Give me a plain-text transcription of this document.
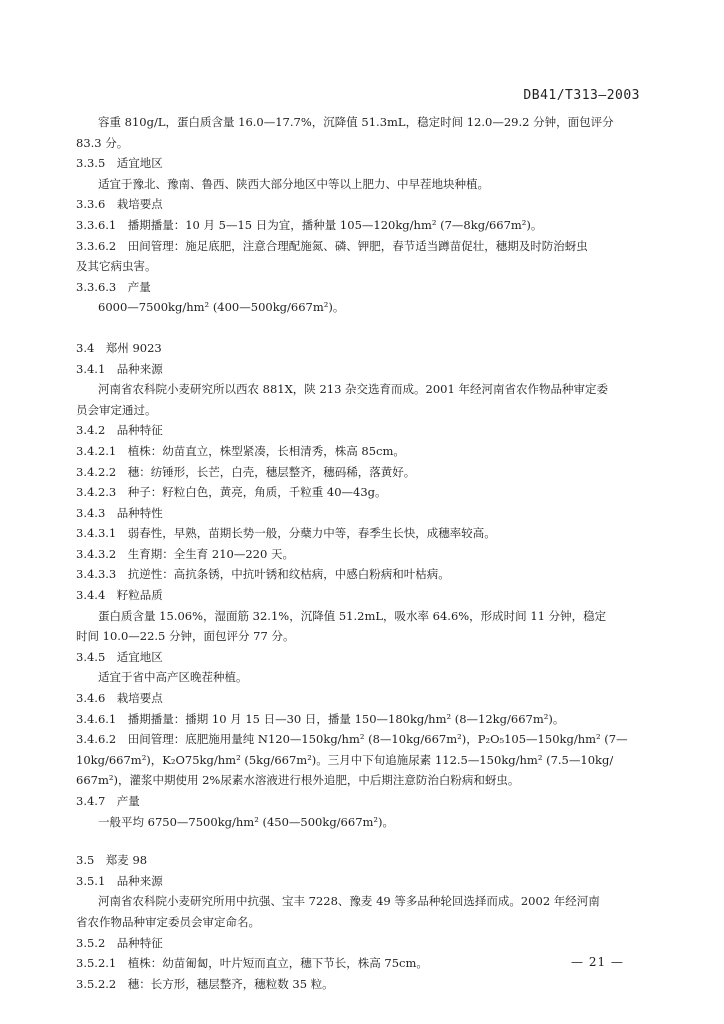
DB41/T313—2003
容重 810g/L，蛋白质含量 16.0—17.7%，沉降值 51.3mL，稳定时间 12.0—29.2 分钟，面包评分
83.3 分。
3.3.5　适宜地区
适宜于豫北、豫南、鲁西、陕西大部分地区中等以上肥力、中早茬地块种植。
3.3.6　栽培要点
3.3.6.1　播期播量：10 月 5—15 日为宜，播种量 105—120kg/hm² (7—8kg/667m²)。
3.3.6.2　田间管理：施足底肥，注意合理配施氮、磷、钾肥，春节适当蹲苗促壮，穗期及时防治蚜虫
及其它病虫害。
3.3.6.3　产量
6000—7500kg/hm² (400—500kg/667m²)。
3.4　郑州 9023
3.4.1　品种来源
河南省农科院小麦研究所以西农 881X，陕 213 杂交选育而成。2001 年经河南省农作物品种审定委
员会审定通过。
3.4.2　品种特征
3.4.2.1　植株：幼苗直立，株型紧凑，长相清秀，株高 85cm。
3.4.2.2　穗：纺锤形，长芒，白壳，穗层整齐，穗码稀，落黄好。
3.4.2.3　种子：籽粒白色，黄亮，角质，千粒重 40—43g。
3.4.3　品种特性
3.4.3.1　弱春性，早熟，苗期长势一般，分蘖力中等，春季生长快，成穗率较高。
3.4.3.2　生育期：全生育 210—220 天。
3.4.3.3　抗逆性：高抗条锈，中抗叶锈和纹枯病，中感白粉病和叶枯病。
3.4.4　籽粒品质
蛋白质含量 15.06%，湿面筋 32.1%，沉降值 51.2mL，吸水率 64.6%，形成时间 11 分钟，稳定
时间 10.0—22.5 分钟，面包评分 77 分。
3.4.5　适宜地区
适宜于省中高产区晚茬种植。
3.4.6　栽培要点
3.4.6.1　播期播量：播期 10 月 15 日—30 日，播量 150—180kg/hm² (8—12kg/667m²)。
3.4.6.2　田间管理：底肥施用量纯 N120—150kg/hm² (8—10kg/667m²)，P₂O₅105—150kg/hm² (7—
10kg/667m²)，K₂O75kg/hm² (5kg/667m²)。三月中下旬追施尿素 112.5—150kg/hm² (7.5—10kg/
667m²)，灌浆中期使用 2%尿素水溶液进行根外追肥，中后期注意防治白粉病和蚜虫。
3.4.7　产量
一般平均 6750—7500kg/hm² (450—500kg/667m²)。
3.5　郑麦 98
3.5.1　品种来源
河南省农科院小麦研究所用中抗强、宝丰 7228、豫麦 49 等多品种轮回选择而成。2002 年经河南
省农作物品种审定委员会审定命名。
3.5.2　品种特征
3.5.2.1　植株：幼苗匍匐，叶片短而直立，穗下节长，株高 75cm。
3.5.2.2　穗：长方形，穗层整齐，穗粒数 35 粒。
— 21 —
